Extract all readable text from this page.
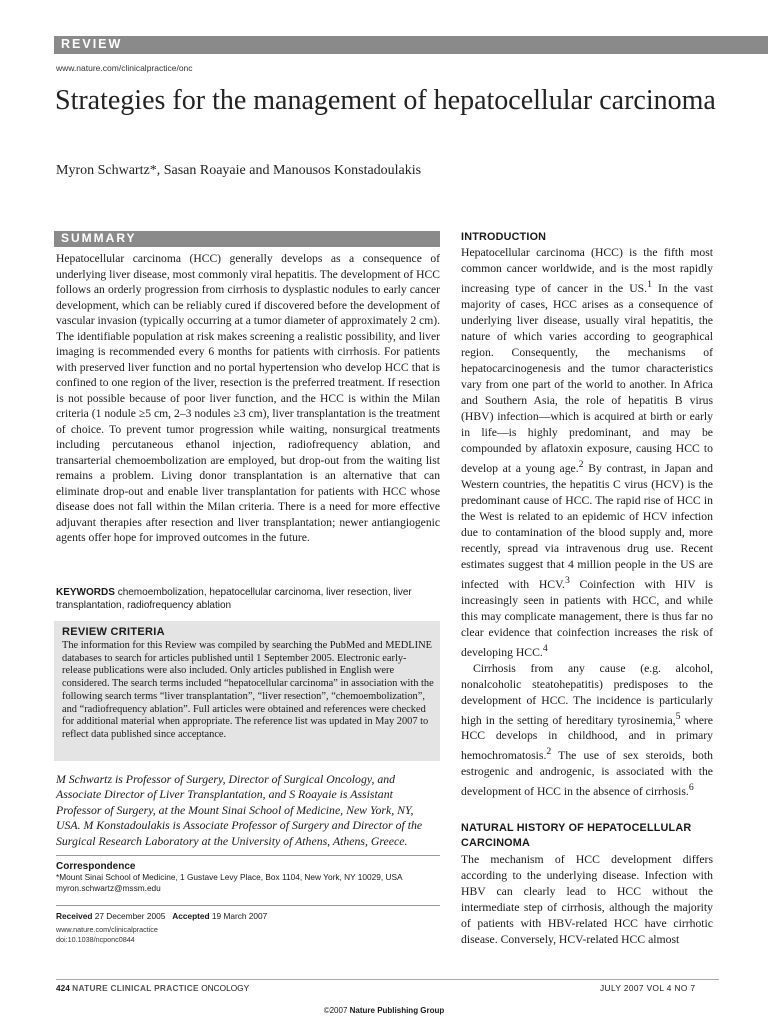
REVIEW
www.nature.com/clinicalpractice/onc
Strategies for the management of hepatocellular carcinoma
Myron Schwartz*, Sasan Roayaie and Manousos Konstadoulakis
SUMMARY
Hepatocellular carcinoma (HCC) generally develops as a consequence of underlying liver disease, most commonly viral hepatitis. The development of HCC follows an orderly progression from cirrhosis to dysplastic nodules to early cancer development, which can be reliably cured if discovered before the development of vascular invasion (typically occurring at a tumor diameter of approximately 2 cm). The identifiable population at risk makes screening a realistic possibility, and liver imaging is recommended every 6 months for patients with cirrhosis. For patients with preserved liver function and no portal hypertension who develop HCC that is confined to one region of the liver, resection is the preferred treatment. If resection is not possible because of poor liver function, and the HCC is within the Milan criteria (1 nodule ≥5 cm, 2–3 nodules ≥3 cm), liver transplantation is the treatment of choice. To prevent tumor progression while waiting, nonsurgical treatments including percutaneous ethanol injection, radiofrequency ablation, and transarterial chemoembolization are employed, but drop-out from the waiting list remains a problem. Living donor transplantation is an alternative that can eliminate drop-out and enable liver transplantation for patients with HCC whose disease does not fall within the Milan criteria. There is a need for more effective adjuvant therapies after resection and liver transplantation; newer antiangiogenic agents offer hope for improved outcomes in the future.
KEYWORDS chemoembolization, hepatocellular carcinoma, liver resection, liver transplantation, radiofrequency ablation
REVIEW CRITERIA
The information for this Review was compiled by searching the PubMed and MEDLINE databases to search for articles published until 1 September 2005. Electronic early-release publications were also included. Only articles published in English were considered. The search terms included “hepatocellular carcinoma” in association with the following search terms “liver transplantation”, “liver resection”, “chemoembolization”, and “radiofrequency ablation”. Full articles were obtained and references were checked for additional material when appropriate. The reference list was updated in May 2007 to reflect data published since acceptance.
M Schwartz is Professor of Surgery, Director of Surgical Oncology, and Associate Director of Liver Transplantation, and S Roayaie is Assistant Professor of Surgery, at the Mount Sinai School of Medicine, New York, NY, USA. M Konstadoulakis is Associate Professor of Surgery and Director of the Surgical Research Laboratory at the University of Athens, Athens, Greece.
Correspondence
*Mount Sinai School of Medicine, 1 Gustave Levy Place, Box 1104, New York, NY 10029, USA
myron.schwartz@mssm.edu
Received 27 December 2005 Accepted 19 March 2007
www.nature.com/clinicalpractice
doi:10.1038/ncponc0844
INTRODUCTION

Hepatocellular carcinoma (HCC) is the fifth most common cancer worldwide, and is the most rapidly increasing type of cancer in the US.$^1$ In the vast majority of cases, HCC arises as a consequence of underlying liver disease, usually viral hepatitis, the nature of which varies according to geographical region. Consequently, the mechanisms of hepatocarcinogenesis and the tumor characteristics vary from one part of the world to another. In Africa and Southern Asia, the role of hepatitis B virus (HBV) infection—which is acquired at birth or early in life—is highly predominant, and may be compounded by aflatoxin exposure, causing HCC to develop at a young age.$^2$ By contrast, in Japan and Western countries, the hepatitis C virus (HCV) is the predominant cause of HCC. The rapid rise of HCC in the West is related to an epidemic of HCV infection due to contamination of the blood supply and, more recently, spread via intravenous drug use. Recent estimates suggest that 4 million people in the US are infected with HCV.$^3$ Coinfection with HIV is increasingly seen in patients with HCC, and while this may complicate management, there is thus far no clear evidence that coinfection increases the risk of developing HCC.$^4$

Cirrhosis from any cause (e.g. alcohol, nonalcoholic steatohepatitis) predisposes to the development of HCC. The incidence is particularly high in the setting of hereditary tyrosinemia,$^5$ where HCC develops in childhood, and in primary hemochromatosis.$^2$ The use of sex steroids, both estrogenic and androgenic, is associated with the development of HCC in the absence of cirrhosis.$^6$

NATURAL HISTORY OF HEPATOCELLULAR CARCINOMA
The mechanism of HCC development differs according to the underlying disease. Infection with HBV can clearly lead to HCC without the intermediate step of cirrhosis, although the majority of patients with HBV-related HCC have cirrhotic disease. Conversely, HCV-related HCC almost
424 NATURE CLINICAL PRACTICE ONCOLOGY	JULY 2007 VOL 4 NO 7
©2007 Nature Publishing Group
